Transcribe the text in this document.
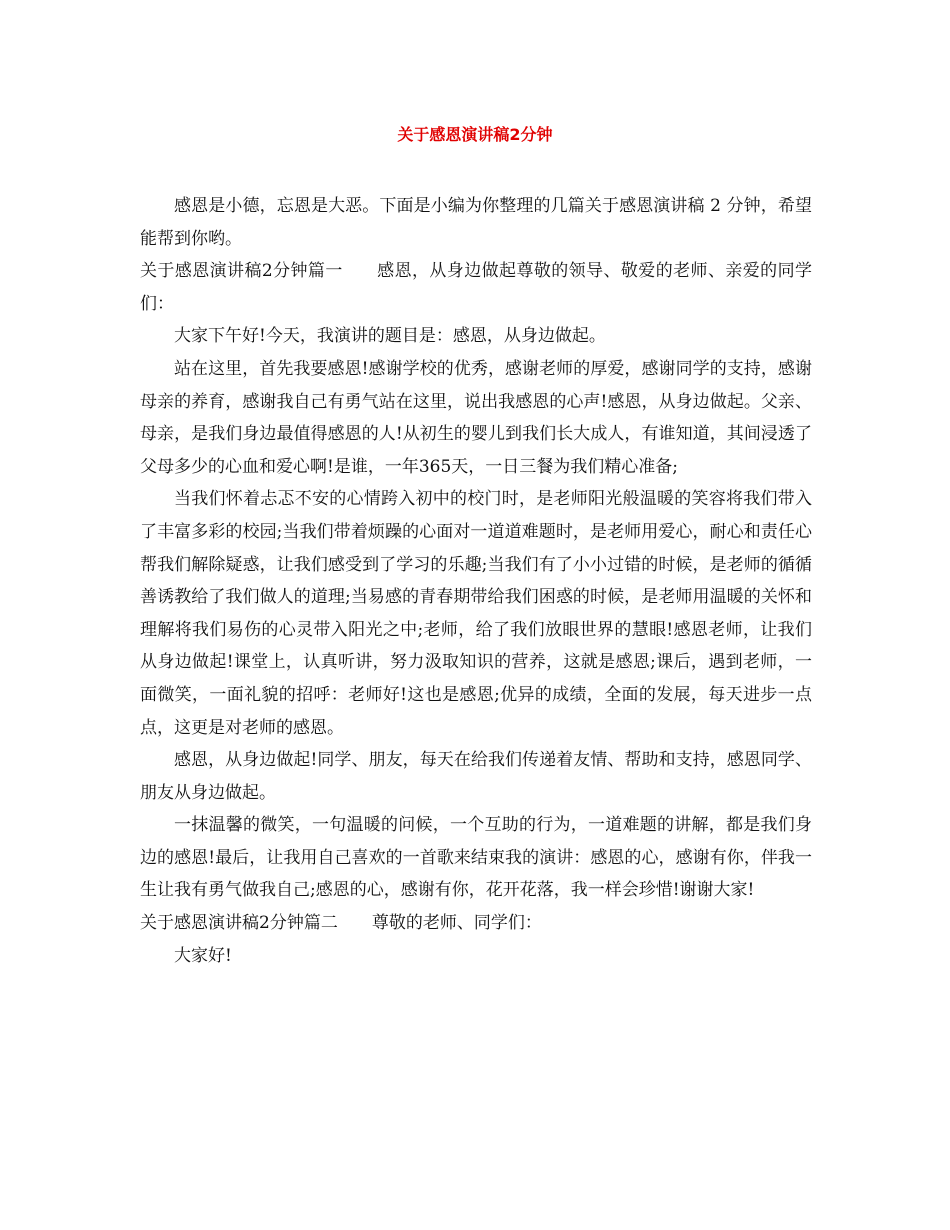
关于感恩演讲稿2分钟

感恩是小德，忘恩是大恶。下面是小编为你整理的几篇关于感恩演讲稿 2 分钟，希望能帮到你哟。

关于感恩演讲稿2分钟篇一 感恩，从身边做起尊敬的领导、敬爱的老师、亲爱的同学们：

大家下午好!今天，我演讲的题目是：感恩，从身边做起。

站在这里，首先我要感恩!感谢学校的优秀，感谢老师的厚爱，感谢同学的支持，感谢母亲的养育，感谢我自己有勇气站在这里，说出我感恩的心声!感恩，从身边做起。父亲、母亲，是我们身边最值得感恩的人!从初生的婴儿到我们长大成人，有谁知道，其间浸透了父母多少的心血和爱心啊!是谁，一年365天，一日三餐为我们精心准备;

当我们怀着忐忑不安的心情跨入初中的校门时，是老师阳光般温暖的笑容将我们带入了丰富多彩的校园;当我们带着烦躁的心面对一道道难题时，是老师用爱心，耐心和责任心帮我们解除疑惑，让我们感受到了学习的乐趣;当我们有了小小过错的时候，是老师的循循善诱教给了我们做人的道理;当易感的青春期带给我们困惑的时候，是老师用温暖的关怀和理解将我们易伤的心灵带入阳光之中;老师，给了我们放眼世界的慧眼!感恩老师，让我们从身边做起!课堂上，认真听讲，努力汲取知识的营养，这就是感恩;课后，遇到老师，一面微笑，一面礼貌的招呼：老师好!这也是感恩;优异的成绩，全面的发展，每天进步一点点，这更是对老师的感恩。

感恩，从身边做起!同学、朋友，每天在给我们传递着友情、帮助和支持，感恩同学、朋友从身边做起。

一抹温馨的微笑，一句温暖的问候，一个互助的行为，一道难题的讲解，都是我们身边的感恩!最后，让我用自己喜欢的一首歌来结束我的演讲：感恩的心，感谢有你，伴我一生让我有勇气做我自己;感恩的心，感谢有你，花开花落，我一样会珍惜!谢谢大家!

关于感恩演讲稿2分钟篇二 尊敬的老师、同学们：

大家好!
